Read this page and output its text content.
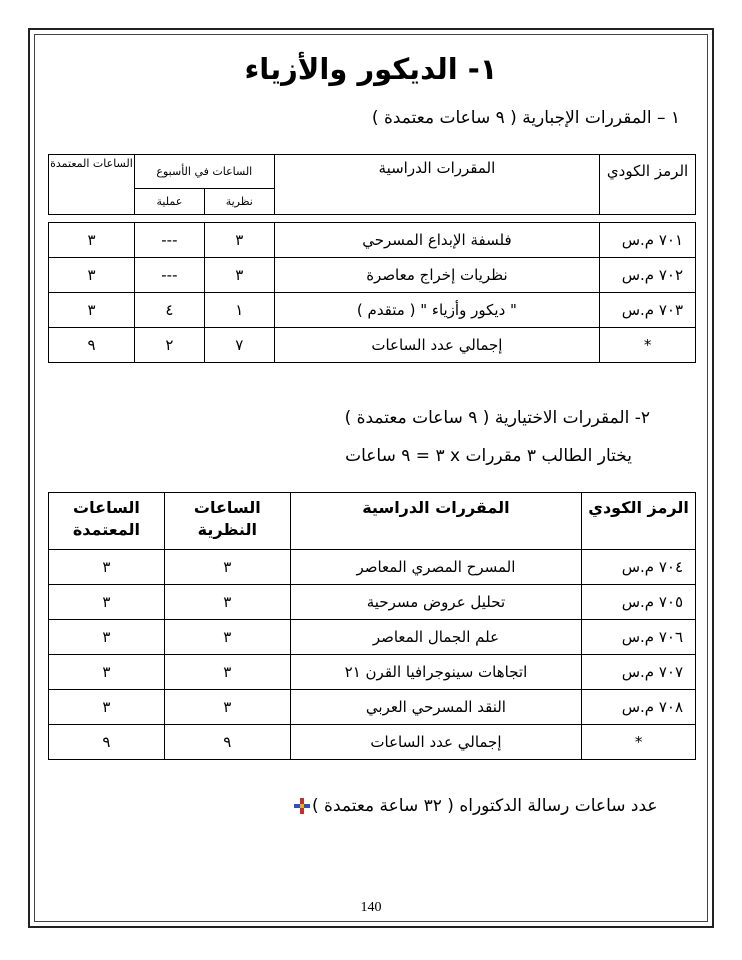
١- الديكور والأزياء
١ – المقررات الإجبارية ( ٩ ساعات معتمدة )
الرمز الكودي	المقررات الدراسية	الساعات في الأسبوع		الساعات المعتمدة
		نظرية	عملية	

٧٠١ م.س	فلسفة الإبداع المسرحي	٣	---	٣
٧٠٢ م.س	نظريات إخراج معاصرة	٣	---	٣
٧٠٣ م.س	" ديكور وأزياء " ( متقدم )	١	٤	٣
*	إجمالي عدد الساعات	٧	٢	٩
٢- المقررات الاختيارية ( ٩ ساعات معتمدة )
يختار الطالب ٣ مقررات x ٣ = ٩ ساعات
الرمز الكودي	المقررات الدراسية	الساعات النظرية	الساعات المعتمدة
٧٠٤ م.س	المسرح المصري المعاصر	٣	٣
٧٠٥ م.س	تحليل عروض مسرحية	٣	٣
٧٠٦ م.س	علم الجمال المعاصر	٣	٣
٧٠٧ م.س	اتجاهات سينوجرافيا القرن ٢١	٣	٣
٧٠٨ م.س	النقد المسرحي العربي	٣	٣
*	إجمالي عدد الساعات	٩	٩
عدد ساعات رسالة الدكتوراه ( ٣٢ ساعة معتمدة )
140
